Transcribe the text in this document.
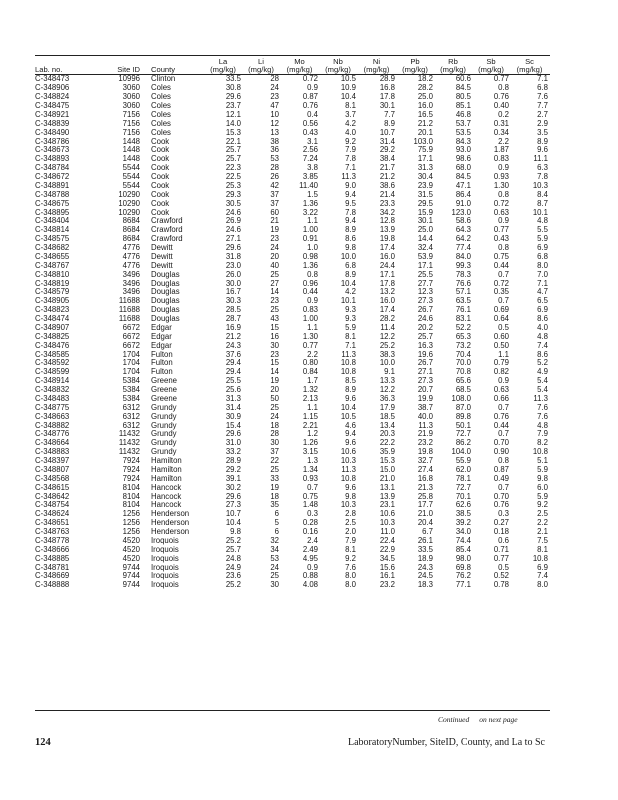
			La	Li	Mo	Nb	Ni	Pb	Rb	Sb	Sc
Lab. no.	Site ID	County	(mg/kg)	(mg/kg)	(mg/kg)	(mg/kg)	(mg/kg)	(mg/kg)	(mg/kg)	(mg/kg)	(mg/kg)
C-348473	10996	Clinton	33.5	28	0.72	10.5	28.9	18.2	60.6	0.77	7.1
C-348906	3060	Coles	30.8	24	0.9	10.9	16.8	28.2	84.5	0.8	6.8
C-348824	3060	Coles	29.6	23	0.87	10.4	17.8	25.0	80.5	0.76	7.6
C-348475	3060	Coles	23.7	47	0.76	8.1	30.1	16.0	85.1	0.40	7.7
C-348921	7156	Coles	12.1	10	0.4	3.7	7.7	16.5	46.8	0.2	2.7
C-348839	7156	Coles	14.0	12	0.56	4.2	8.9	21.2	53.7	0.31	2.9
C-348490	7156	Coles	15.3	13	0.43	4.0	10.7	20.1	53.5	0.34	3.5
C-348786	1448	Cook	22.1	38	3.1	9.2	31.4	103.0	84.3	2.2	8.9
C-348673	1448	Cook	25.7	36	2.56	7.9	29.2	75.9	93.0	1.87	9.6
C-348893	1448	Cook	25.7	53	7.24	7.8	38.4	17.1	98.6	0.83	11.1
C-348784	5544	Cook	22.3	28	3.8	7.1	21.7	31.3	68.0	0.9	6.3
C-348672	5544	Cook	22.5	26	3.85	11.3	21.2	30.4	84.5	0.93	7.8
C-348891	5544	Cook	25.3	42	11.40	9.0	38.6	23.9	47.1	1.30	10.3
C-348788	10290	Cook	29.3	37	1.5	9.4	21.4	31.5	86.4	0.8	8.4
C-348675	10290	Cook	30.5	37	1.36	9.5	23.3	29.5	91.0	0.72	8.7
C-348895	10290	Cook	24.6	60	3.22	7.8	34.2	15.9	123.0	0.63	10.1
C-348404	8684	Crawford	26.9	21	1.1	9.4	12.8	30.1	58.6	0.9	4.8
C-348814	8684	Crawford	24.6	19	1.00	8.9	13.9	25.0	64.3	0.77	5.5
C-348575	8684	Crawford	27.1	23	0.91	8.6	19.8	14.4	64.2	0.43	5.9
C-348682	4776	Dewitt	29.6	24	1.0	9.8	17.4	32.4	77.4	0.8	6.9
C-348655	4776	Dewitt	31.8	20	0.98	10.0	16.0	53.9	84.0	0.75	6.8
C-348767	4776	Dewitt	23.0	40	1.36	6.8	24.4	17.1	99.3	0.44	8.0
C-348810	3496	Douglas	26.0	25	0.8	8.9	17.1	25.5	78.3	0.7	7.0
C-348819	3496	Douglas	30.0	27	0.96	10.4	17.8	27.7	76.6	0.72	7.1
C-348579	3496	Douglas	16.7	14	0.44	4.2	13.2	12.3	57.1	0.35	4.7
C-348905	11688	Douglas	30.3	23	0.9	10.1	16.0	27.3	63.5	0.7	6.5
C-348823	11688	Douglas	28.5	25	0.83	9.3	17.4	26.7	76.1	0.69	6.9
C-348474	11688	Douglas	28.7	43	1.00	9.3	28.2	24.6	83.1	0.64	8.6
C-348907	6672	Edgar	16.9	15	1.1	5.9	11.4	20.2	52.2	0.5	4.0
C-348825	6672	Edgar	21.2	16	1.30	8.1	12.2	25.7	65.3	0.60	4.8
C-348476	6672	Edgar	24.3	30	0.77	7.1	25.2	16.3	73.2	0.50	7.4
C-348585	1704	Fulton	37.6	23	2.2	11.3	38.3	19.6	70.4	1.1	8.6
C-348592	1704	Fulton	29.4	15	0.80	10.8	10.0	26.7	70.0	0.79	5.2
C-348599	1704	Fulton	29.4	14	0.84	10.8	9.1	27.1	70.8	0.82	4.9
C-348914	5384	Greene	25.5	19	1.7	8.5	13.3	27.3	65.6	0.9	5.4
C-348832	5384	Greene	25.6	20	1.32	8.9	12.2	20.7	68.5	0.63	5.4
C-348483	5384	Greene	31.3	50	2.13	9.6	36.3	19.9	108.0	0.66	11.3
C-348775	6312	Grundy	31.4	25	1.1	10.4	17.9	38.7	87.0	0.7	7.6
C-348663	6312	Grundy	30.9	24	1.15	10.5	18.5	40.0	89.8	0.76	7.6
C-348882	6312	Grundy	15.4	18	2.21	4.6	13.4	11.3	50.1	0.44	4.8
C-348776	11432	Grundy	29.6	28	1.2	9.4	20.3	21.9	72.7	0.7	7.9
C-348664	11432	Grundy	31.0	30	1.26	9.6	22.2	23.2	86.2	0.70	8.2
C-348883	11432	Grundy	33.2	37	3.15	10.6	35.9	19.8	104.0	0.90	10.8
C-348397	7924	Hamilton	28.9	22	1.3	10.3	15.3	32.7	55.9	0.8	5.1
C-348807	7924	Hamilton	29.2	25	1.34	11.3	15.0	27.4	62.0	0.87	5.9
C-348568	7924	Hamilton	39.1	33	0.93	10.8	21.0	16.8	78.1	0.49	9.8
C-348615	8104	Hancock	30.2	19	0.7	9.6	13.1	21.3	72.7	0.7	6.0
C-348642	8104	Hancock	29.6	18	0.75	9.8	13.9	25.8	70.1	0.70	5.9
C-348754	8104	Hancock	27.3	35	1.48	10.3	23.1	17.7	62.6	0.76	9.2
C-348624	1256	Henderson	10.7	6	0.3	2.8	10.6	21.0	38.5	0.3	2.5
C-348651	1256	Henderson	10.4	5	0.28	2.5	10.3	20.4	39.2	0.27	2.2
C-348763	1256	Henderson	9.8	6	0.16	2.0	11.0	6.7	34.0	0.18	2.1
C-348778	4520	Iroquois	25.2	32	2.4	7.9	22.4	26.1	74.4	0.6	7.5
C-348666	4520	Iroquois	25.7	34	2.49	8.1	22.9	33.5	85.4	0.71	8.1
C-348885	4520	Iroquois	24.8	53	4.95	9.2	34.5	18.9	98.0	0.77	10.8
C-348781	9744	Iroquois	24.9	24	0.9	7.6	15.6	24.3	69.8	0.5	6.9
C-348669	9744	Iroquois	23.6	25	0.88	8.0	16.1	24.5	76.2	0.52	7.4
C-348888	9744	Iroquois	25.2	30	4.08	8.0	23.2	18.3	77.1	0.78	8.0
Continued on next page
124	LaboratoryNumber, SiteID, County, and La to Sc
